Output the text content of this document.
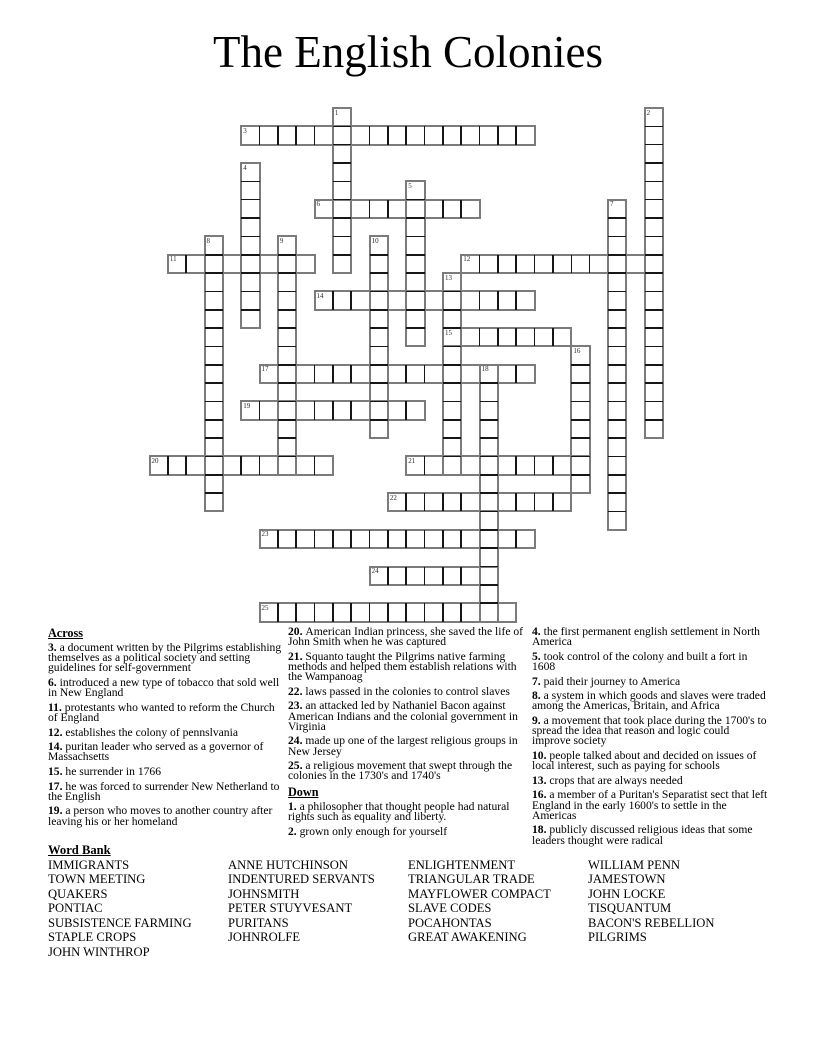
The English Colonies
3
6
11	12
14
15
17
19
20	21
22
23
24
25
1	2
4
5
7
8	9	10
13
16
18
Across

3. a document written by the Pilgrims establishing themselves as a political society and setting guidelines for self-government

6. introduced a new type of tobacco that sold well in New England

11. protestants who wanted to reform the Church of England

12. establishes the colony of pennslvania

14. puritan leader who served as a governor of Massachsetts

15. he surrender in 1766

17. he was forced to surrender New Netherland to the English

19. a person who moves to another country after leaving his or her homeland

20. American Indian princess, she saved the life of John Smith when he was captured

21. Squanto taught the Pilgrims native farming methods and helped them establish relations with the Wampanoag

22. laws passed in the colonies to control slaves

23. an attacked led by Nathaniel Bacon against American Indians and the colonial government in Virginia

24. made up one of the largest religious groups in New Jersey

25. a religious movement that swept through the colonies in the 1730's and 1740's

Down

1. a philosopher that thought people had natural rights such as equality and liberty.

2. grown only enough for yourself

4. the first permanent english settlement in North America

5. took control of the colony and built a fort in 1608

7. paid their journey to America

8. a system in which goods and slaves were traded among the Americas, Britain, and Africa

9. a movement that took place during the 1700's to spread the idea that reason and logic could improve society

10. people talked about and decided on issues of local interest, such as paying for schools

13. crops that are always needed

16. a member of a Puritan's Separatist sect that left England in the early 1600's to settle in the Americas

18. publicly discussed religious ideas that some leaders thought were radical

Word Bank
IMMIGRANTS
TOWN MEETING
QUAKERS
PONTIAC
SUBSISTENCE FARMING
STAPLE CROPS
JOHN WINTHROP
ANNE HUTCHINSON
INDENTURED SERVANTS
JOHNSMITH
PETER STUYVESANT
PURITANS
JOHNROLFE
ENLIGHTENMENT
TRIANGULAR TRADE
MAYFLOWER COMPACT
SLAVE CODES
POCAHONTAS
GREAT AWAKENING
WILLIAM PENN
JAMESTOWN
JOHN LOCKE
TISQUANTUM
BACON'S REBELLION
PILGRIMS
